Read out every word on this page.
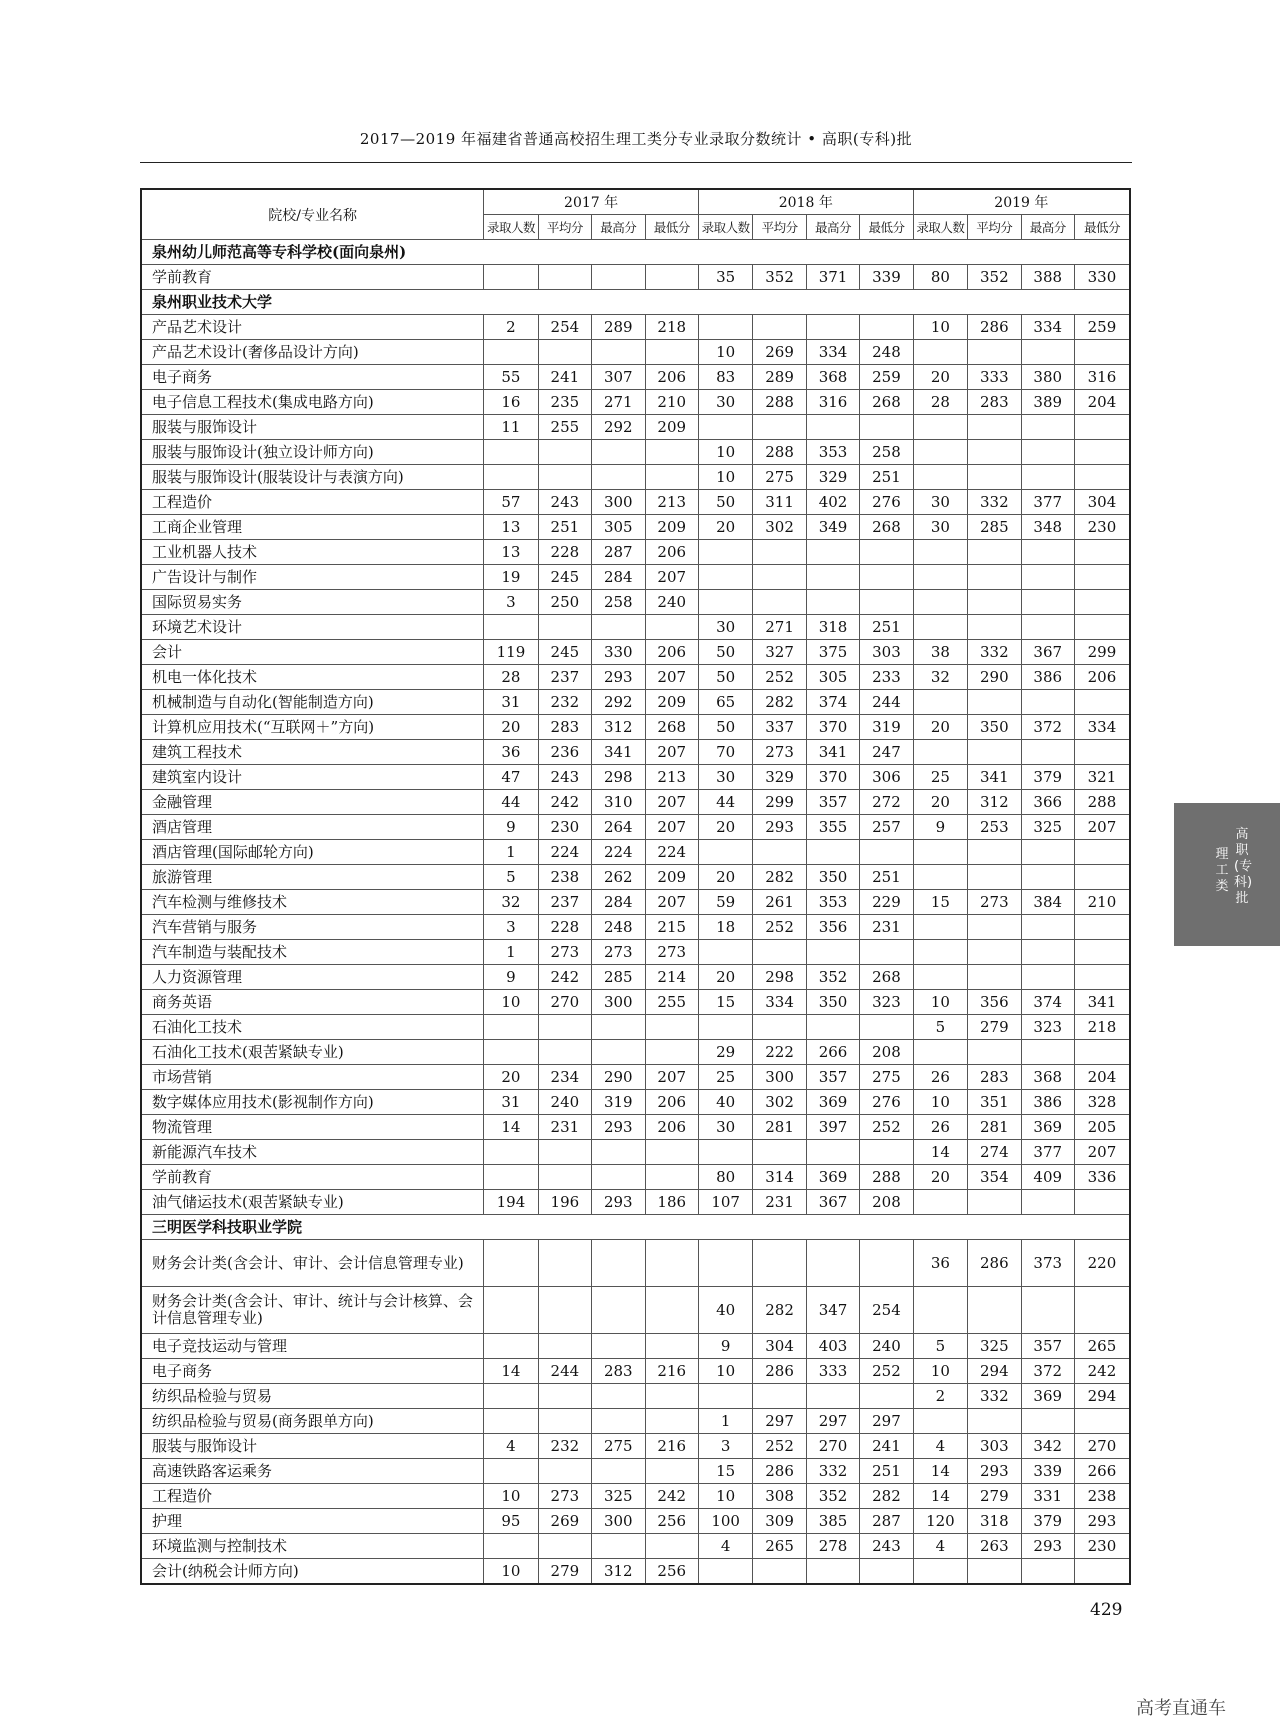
2017—2019 年福建省普通高校招生理工类分专业录取分数统计 • 高职(专科)批
院校/专业名称	2017 年				2018 年				2019 年			
	录取人数	平均分	最高分	最低分	录取人数	平均分	最高分	最低分	录取人数	平均分	最高分	最低分
泉州幼儿师范高等专科学校(面向泉州)												
学前教育					35	352	371	339	80	352	388	330
泉州职业技术大学												
产品艺术设计	2	254	289	218					10	286	334	259
产品艺术设计(奢侈品设计方向)					10	269	334	248				
电子商务	55	241	307	206	83	289	368	259	20	333	380	316
电子信息工程技术(集成电路方向)	16	235	271	210	30	288	316	268	28	283	389	204
服装与服饰设计	11	255	292	209								
服装与服饰设计(独立设计师方向)					10	288	353	258				
服装与服饰设计(服装设计与表演方向)					10	275	329	251				
工程造价	57	243	300	213	50	311	402	276	30	332	377	304
工商企业管理	13	251	305	209	20	302	349	268	30	285	348	230
工业机器人技术	13	228	287	206								
广告设计与制作	19	245	284	207								
国际贸易实务	3	250	258	240								
环境艺术设计					30	271	318	251				
会计	119	245	330	206	50	327	375	303	38	332	367	299
机电一体化技术	28	237	293	207	50	252	305	233	32	290	386	206
机械制造与自动化(智能制造方向)	31	232	292	209	65	282	374	244				
计算机应用技术(“互联网＋”方向)	20	283	312	268	50	337	370	319	20	350	372	334
建筑工程技术	36	236	341	207	70	273	341	247				
建筑室内设计	47	243	298	213	30	329	370	306	25	341	379	321
金融管理	44	242	310	207	44	299	357	272	20	312	366	288
酒店管理	9	230	264	207	20	293	355	257	9	253	325	207
酒店管理(国际邮轮方向)	1	224	224	224								
旅游管理	5	238	262	209	20	282	350	251				
汽车检测与维修技术	32	237	284	207	59	261	353	229	15	273	384	210
汽车营销与服务	3	228	248	215	18	252	356	231				
汽车制造与装配技术	1	273	273	273								
人力资源管理	9	242	285	214	20	298	352	268				
商务英语	10	270	300	255	15	334	350	323	10	356	374	341
石油化工技术									5	279	323	218
石油化工技术(艰苦紧缺专业)					29	222	266	208				
市场营销	20	234	290	207	25	300	357	275	26	283	368	204
数字媒体应用技术(影视制作方向)	31	240	319	206	40	302	369	276	10	351	386	328
物流管理	14	231	293	206	30	281	397	252	26	281	369	205
新能源汽车技术									14	274	377	207
学前教育					80	314	369	288	20	354	409	336
油气储运技术(艰苦紧缺专业)	194	196	293	186	107	231	367	208				
三明医学科技职业学院												
财务会计类(含会计、审计、会计信息管理专业)									36	286	373	220
财务会计类(含会计、审计、统计与会计核算、会计信息管理专业)					40	282	347	254				
电子竞技运动与管理					9	304	403	240	5	325	357	265
电子商务	14	244	283	216	10	286	333	252	10	294	372	242
纺织品检验与贸易									2	332	369	294
纺织品检验与贸易(商务跟单方向)					1	297	297	297				
服装与服饰设计	4	232	275	216	3	252	270	241	4	303	342	270
高速铁路客运乘务					15	286	332	251	14	293	339	266
工程造价	10	273	325	242	10	308	352	282	14	279	331	238
护理	95	269	300	256	100	309	385	287	120	318	379	293
环境监测与控制技术					4	265	278	243	4	263	293	230
会计(纳税会计师方向)	10	279	312	256								
高职(专科)批
理工类
429
高考直通车
